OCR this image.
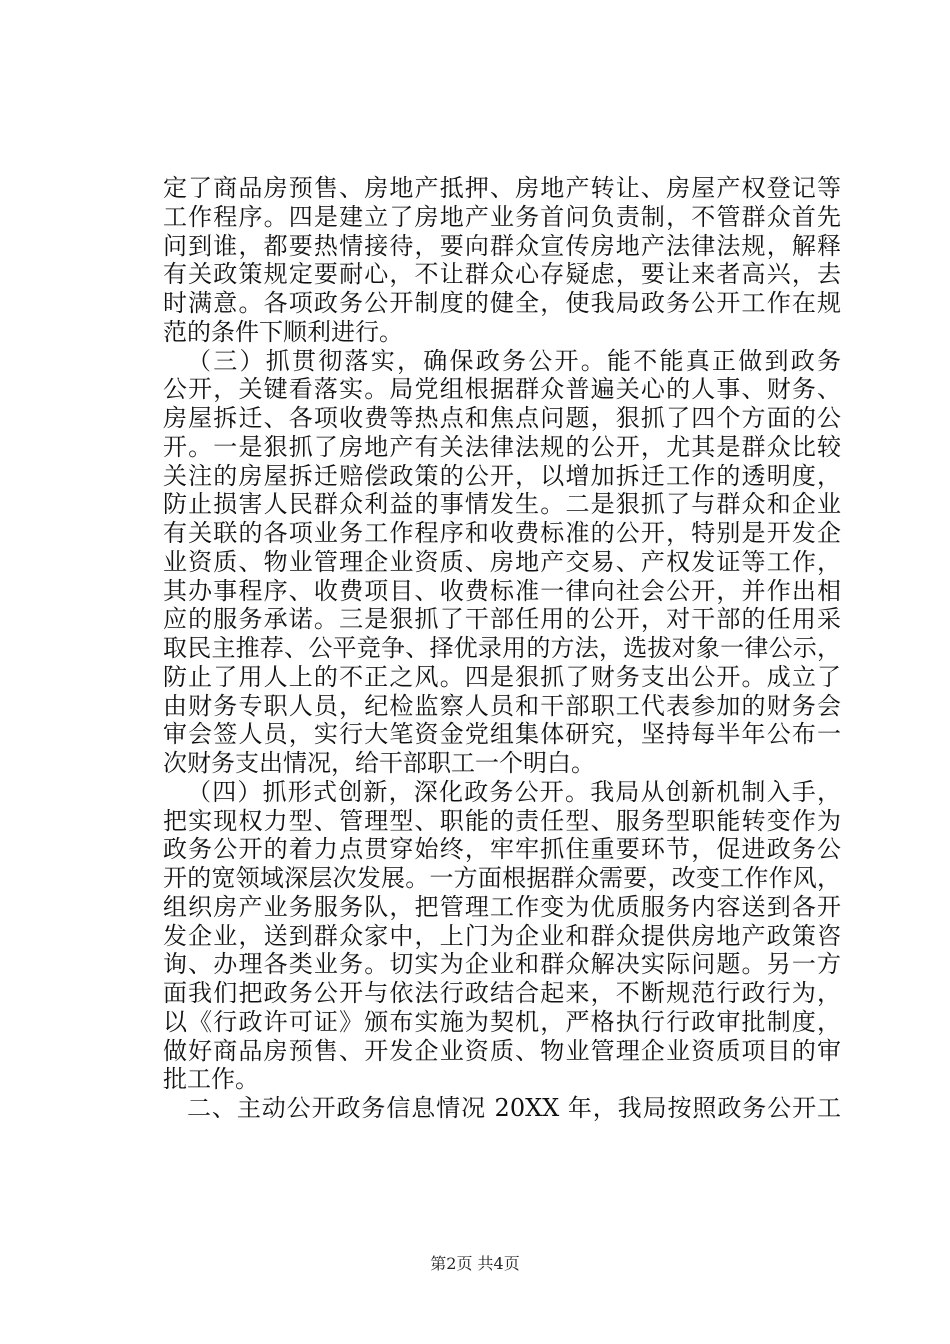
定了商品房预售、房地产抵押、房地产转让、房屋产权登记等
工作程序。四是建立了房地产业务首问负责制，不管群众首先
问到谁，都要热情接待，要向群众宣传房地产法律法规，解释
有关政策规定要耐心，不让群众心存疑虑，要让来者高兴，去
时满意。各项政务公开制度的健全，使我局政务公开工作在规
范的条件下顺利进行。
（三）抓贯彻落实，确保政务公开。能不能真正做到政务
公开，关键看落实。局党组根据群众普遍关心的人事、财务、
房屋拆迁、各项收费等热点和焦点问题，狠抓了四个方面的公
开。一是狠抓了房地产有关法律法规的公开，尤其是群众比较
关注的房屋拆迁赔偿政策的公开，以增加拆迁工作的透明度，
防止损害人民群众利益的事情发生。二是狠抓了与群众和企业
有关联的各项业务工作程序和收费标准的公开，特别是开发企
业资质、物业管理企业资质、房地产交易、产权发证等工作，
其办事程序、收费项目、收费标准一律向社会公开，并作出相
应的服务承诺。三是狠抓了干部任用的公开，对干部的任用采
取民主推荐、公平竞争、择优录用的方法，选拔对象一律公示，
防止了用人上的不正之风。四是狠抓了财务支出公开。成立了
由财务专职人员，纪检监察人员和干部职工代表参加的财务会
审会签人员，实行大笔资金党组集体研究，坚持每半年公布一
次财务支出情况，给干部职工一个明白。
（四）抓形式创新，深化政务公开。我局从创新机制入手，
把实现权力型、管理型、职能的责任型、服务型职能转变作为
政务公开的着力点贯穿始终，牢牢抓住重要环节，促进政务公
开的宽领域深层次发展。一方面根据群众需要，改变工作作风，
组织房产业务服务队，把管理工作变为优质服务内容送到各开
发企业，送到群众家中，上门为企业和群众提供房地产政策咨
询、办理各类业务。切实为企业和群众解决实际问题。另一方
面我们把政务公开与依法行政结合起来，不断规范行政行为，
以《行政许可证》颁布实施为契机，严格执行行政审批制度，
做好商品房预售、开发企业资质、物业管理企业资质项目的审
批工作。
二、主动公开政务信息情况 20XX 年，我局按照政务公开工
第2页 共4页
